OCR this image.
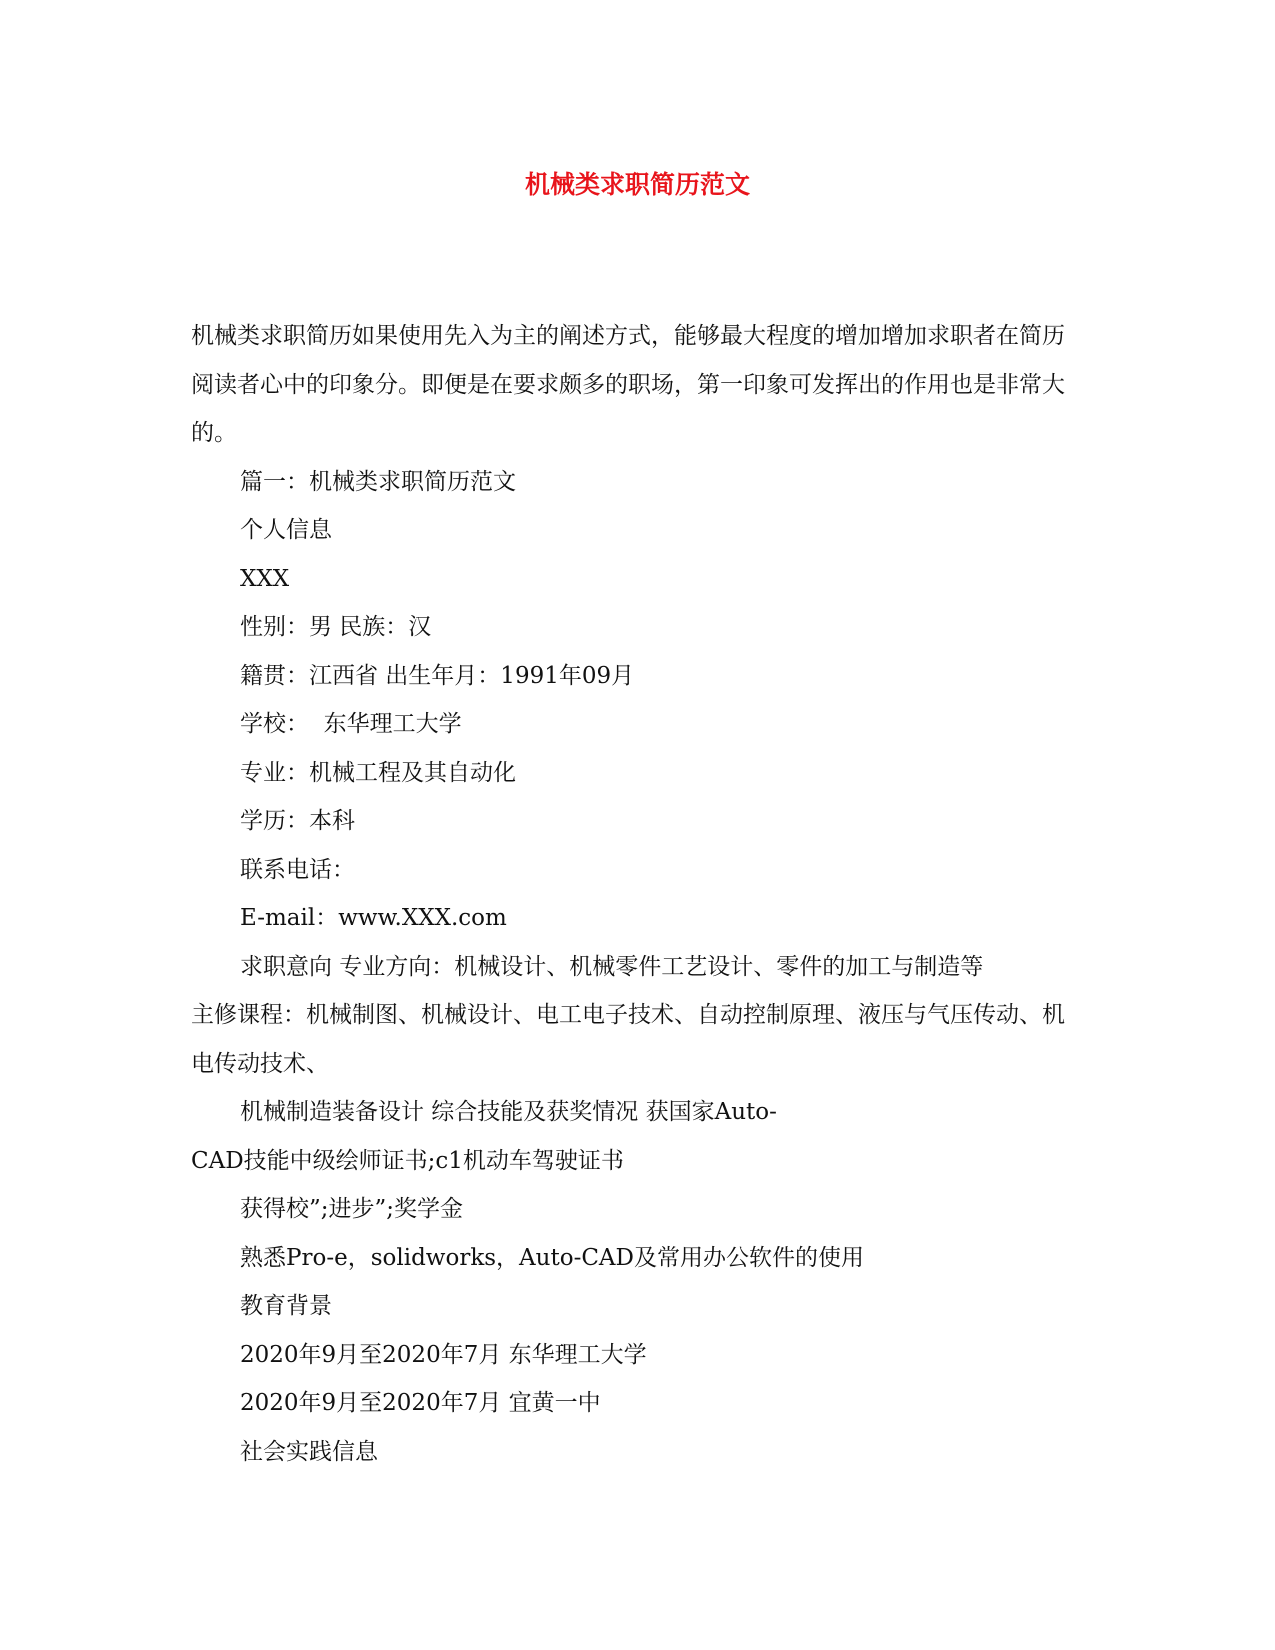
机械类求职简历范文

机械类求职简历如果使用先入为主的阐述方式，能够最大程度的增加增加求职者在简历阅读者心中的印象分。即便是在要求颇多的职场，第一印象可发挥出的作用也是非常大的。

篇一：机械类求职简历范文

个人信息

XXX

性别：男 民族：汉

籍贯：江西省 出生年月：1991年09月

学校：  东华理工大学

专业：机械工程及其自动化

学历：本科

联系电话：

E-mail：www.XXX.com

求职意向 专业方向：机械设计、机械零件工艺设计、零件的加工与制造等

主修课程：机械制图、机械设计、电工电子技术、自动控制原理、液压与气压传动、机电传动技术、

机械制造装备设计 综合技能及获奖情况 获国家Auto-

CAD技能中级绘师证书;c1机动车驾驶证书

获得校”;进步”;奖学金

熟悉Pro-e，solidworks，Auto-CAD及常用办公软件的使用

教育背景

2020年9月至2020年7月 东华理工大学

2020年9月至2020年7月 宜黄一中

社会实践信息
